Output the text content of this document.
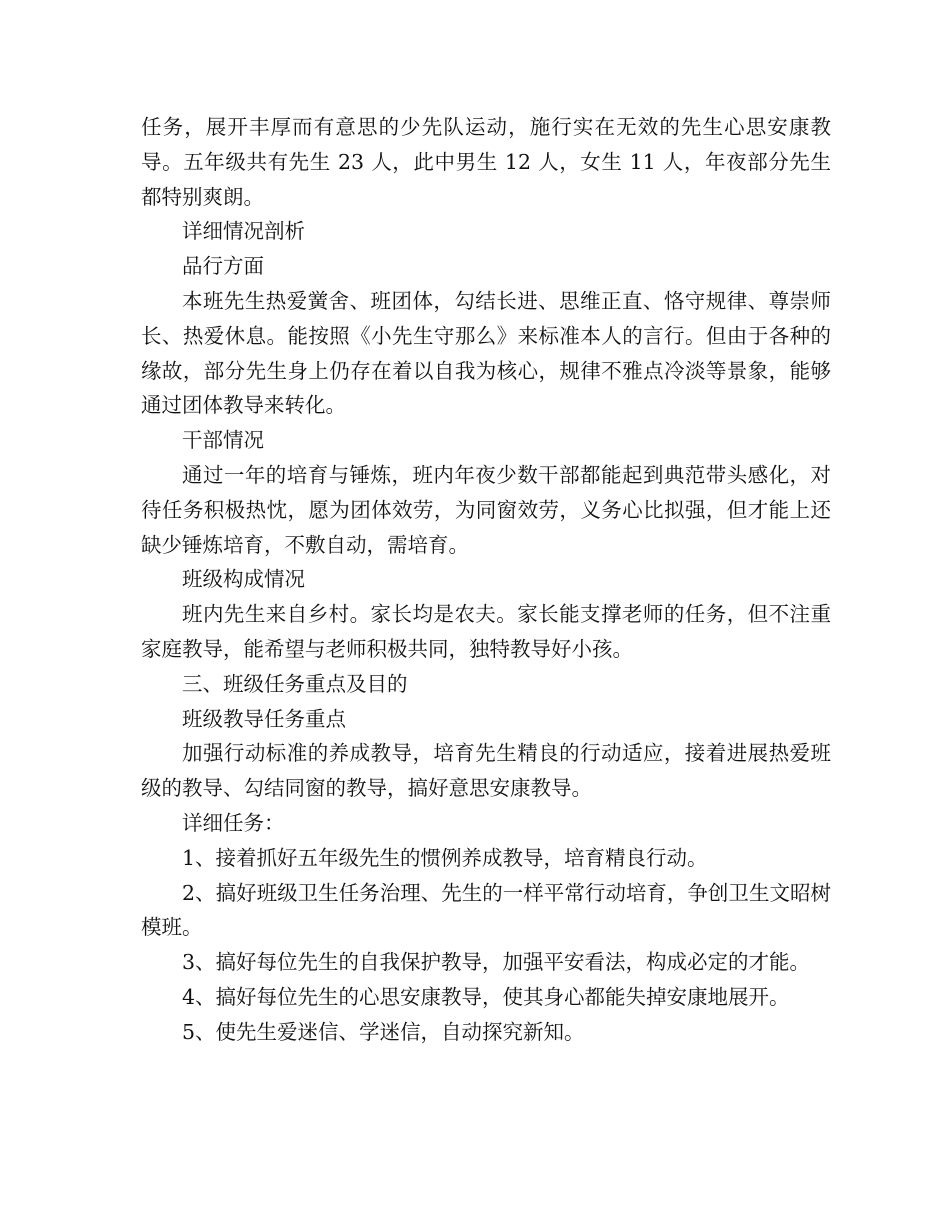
任务，展开丰厚而有意思的少先队运动，施行实在无效的先生心思安康教导。五年级共有先生 23 人，此中男生 12 人，女生 11 人，年夜部分先生都特别爽朗。

详细情况剖析

品行方面

本班先生热爱黉舍、班团体，勾结长进、思维正直、恪守规律、尊崇师长、热爱休息。能按照《小先生守那么》来标准本人的言行。但由于各种的缘故，部分先生身上仍存在着以自我为核心，规律不雅点冷淡等景象，能够通过团体教导来转化。

干部情况

通过一年的培育与锤炼，班内年夜少数干部都能起到典范带头感化，对待任务积极热忱，愿为团体效劳，为同窗效劳，义务心比拟强，但才能上还缺少锤炼培育，不敷自动，需培育。

班级构成情况

班内先生来自乡村。家长均是农夫。家长能支撑老师的任务，但不注重家庭教导，能希望与老师积极共同，独特教导好小孩。

三、班级任务重点及目的

班级教导任务重点

加强行动标准的养成教导，培育先生精良的行动适应，接着进展热爱班级的教导、勾结同窗的教导，搞好意思安康教导。

详细任务：

1、接着抓好五年级先生的惯例养成教导，培育精良行动。

2、搞好班级卫生任务治理、先生的一样平常行动培育，争创卫生文昭树模班。

3、搞好每位先生的自我保护教导，加强平安看法，构成必定的才能。

4、搞好每位先生的心思安康教导，使其身心都能失掉安康地展开。

5、使先生爱迷信、学迷信，自动探究新知。
